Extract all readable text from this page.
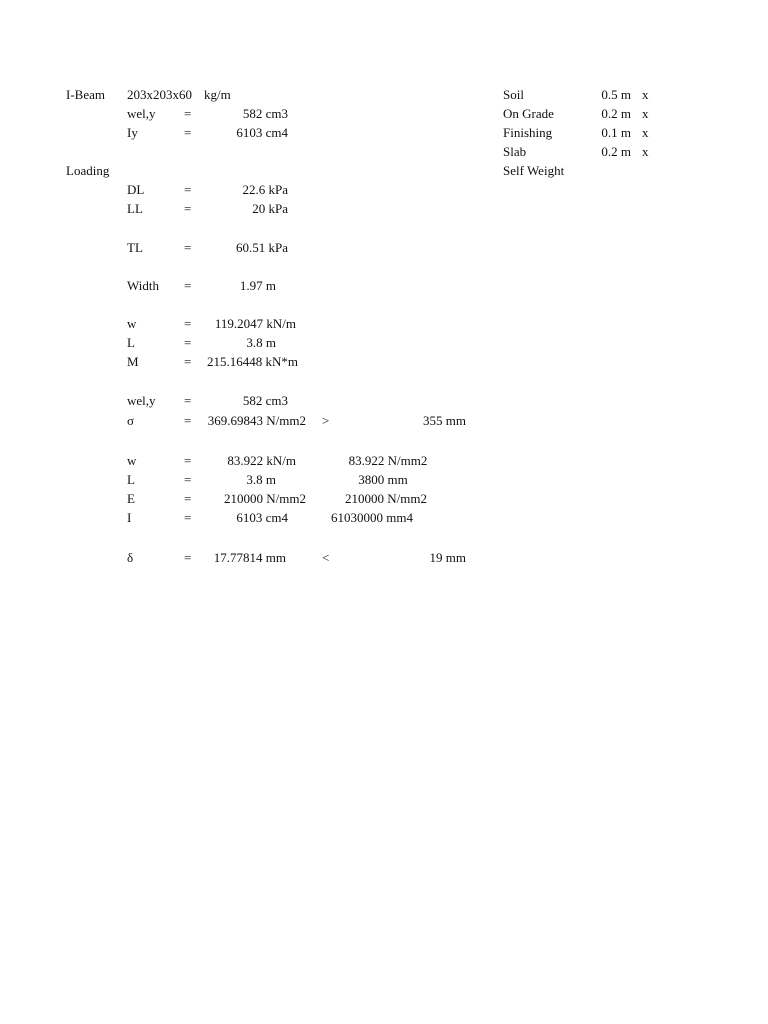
I-Beam 203x203x60 kg/m
wel,y =	582 cm3
Iy	=	6103 cm4
Loading
DL	=	22.6 kPa
LL	=	20 kPa
TL	=	60.51 kPa
Width =	1.97 m
w	=	119.2047 kN/m
L	=	3.8 m
M	=	215.16448 kN*m
wel,y =	582 cm3
σ	=	369.69843 N/mm2 >	355 mm
w	=	83.922 kN/m	83.922 N/mm2
L	=	3.8 m	3800 mm
E	=	210000 N/mm2	210000 N/mm2
I	=	6103 cm4	61030000 mm4
δ	=	17.77814 mm	<	19 mm
Soil	0.5 m x
On Grade	0.2 m x
Finishing	0.1 m x
Slab	0.2 m x
Self Weight
